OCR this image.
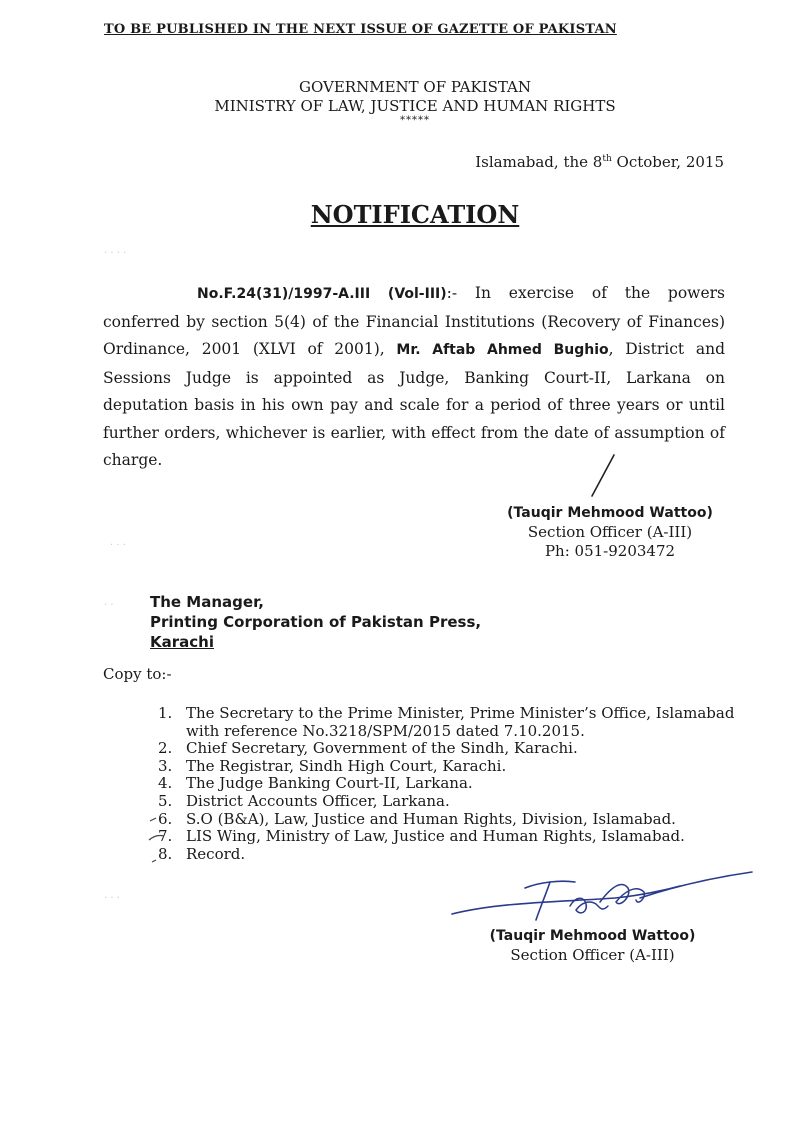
TO BE PUBLISHED IN THE NEXT ISSUE OF GAZETTE OF PAKISTAN
GOVERNMENT OF PAKISTAN
MINISTRY OF LAW, JUSTICE AND HUMAN RIGHTS
*****
Islamabad, the 8th October, 2015
NOTIFICATION
No.F.24(31)/1997-A.III (Vol-III):- In exercise of the powers conferred by section 5(4) of the Financial Institutions (Recovery of Finances) Ordinance, 2001 (XLVI of 2001), Mr. Aftab Ahmed Bughio, District and Sessions Judge is appointed as Judge, Banking Court-II, Larkana on deputation basis in his own pay and scale for a period of three years or until further orders, whichever is earlier, with effect from the date of assumption of charge.
(Tauqir Mehmood Wattoo)
Section Officer (A-III)
Ph: 051-9203472
The Manager,
Printing Corporation of Pakistan Press,
Karachi
Copy to:-
1. The Secretary to the Prime Minister, Prime Minister’s Office, Islamabad
with reference No.3218/SPM/2015 dated 7.10.2015.
2. Chief Secretary, Government of the Sindh, Karachi.
3. The Registrar, Sindh High Court, Karachi.
4. The Judge Banking Court-II, Larkana.
5. District Accounts Officer, Larkana.
6. S.O (B&A), Law, Justice and Human Rights, Division, Islamabad.
7. LIS Wing, Ministry of Law, Justice and Human Rights, Islamabad.
8. Record.
(Tauqir Mehmood Wattoo)
Section Officer (A-III)
· · · ·
· · ·
· ·
· · ·
